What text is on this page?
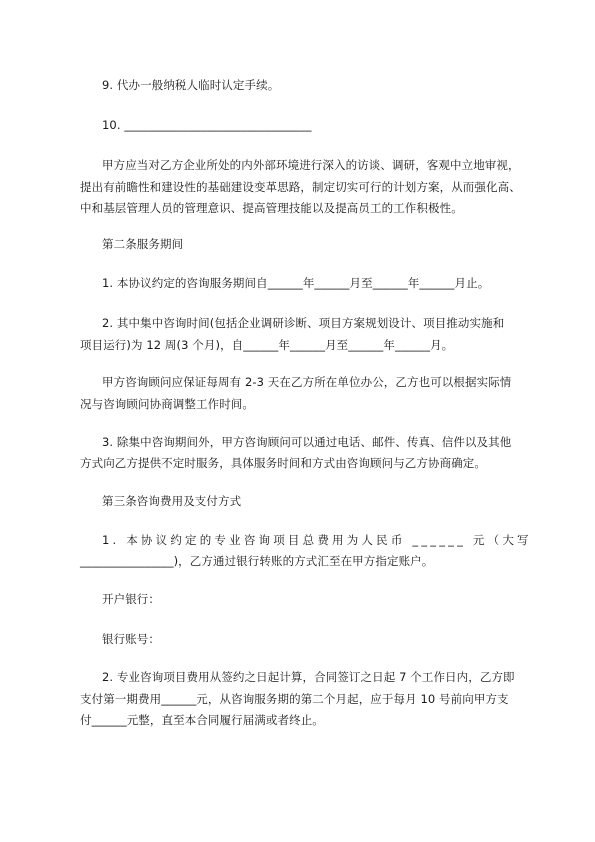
9. 代办一般纳税人临时认定手续。
10. ________________________________
甲方应当对乙方企业所处的内外部环境进行深入的访谈、调研，客观中立地审视，
提出有前瞻性和建设性的基础建设变革思路，制定切实可行的计划方案，从而强化高、
中和基层管理人员的管理意识、提高管理技能以及提高员工的工作积极性。
第二条服务期间
1. 本协议约定的咨询服务期间自______年______月至______年______月止。
2. 其中集中咨询时间(包括企业调研诊断、项目方案规划设计、项目推动实施和
项目运行)为 12 周(3 个月)，自______年______月至______年______月。
甲方咨询顾问应保证每周有 2-3 天在乙方所在单位办公，乙方也可以根据实际情
况与咨询顾问协商调整工作时间。
3. 除集中咨询期间外，甲方咨询顾问可以通过电话、邮件、传真、信件以及其他
方式向乙方提供不定时服务，具体服务时间和方式由咨询顾问与乙方协商确定。
第三条咨询费用及支付方式
1. 本协议约定的专业咨询项目总费用为人民币 ______ 元（大写
________________)，乙方通过银行转账的方式汇至在甲方指定账户。
开户银行：
银行账号：
2. 专业咨询项目费用从签约之日起计算，合同签订之日起 7 个工作日内，乙方即
支付第一期费用______元，从咨询服务期的第二个月起，应于每月 10 号前向甲方支
付______元整，直至本合同履行届满或者终止。
